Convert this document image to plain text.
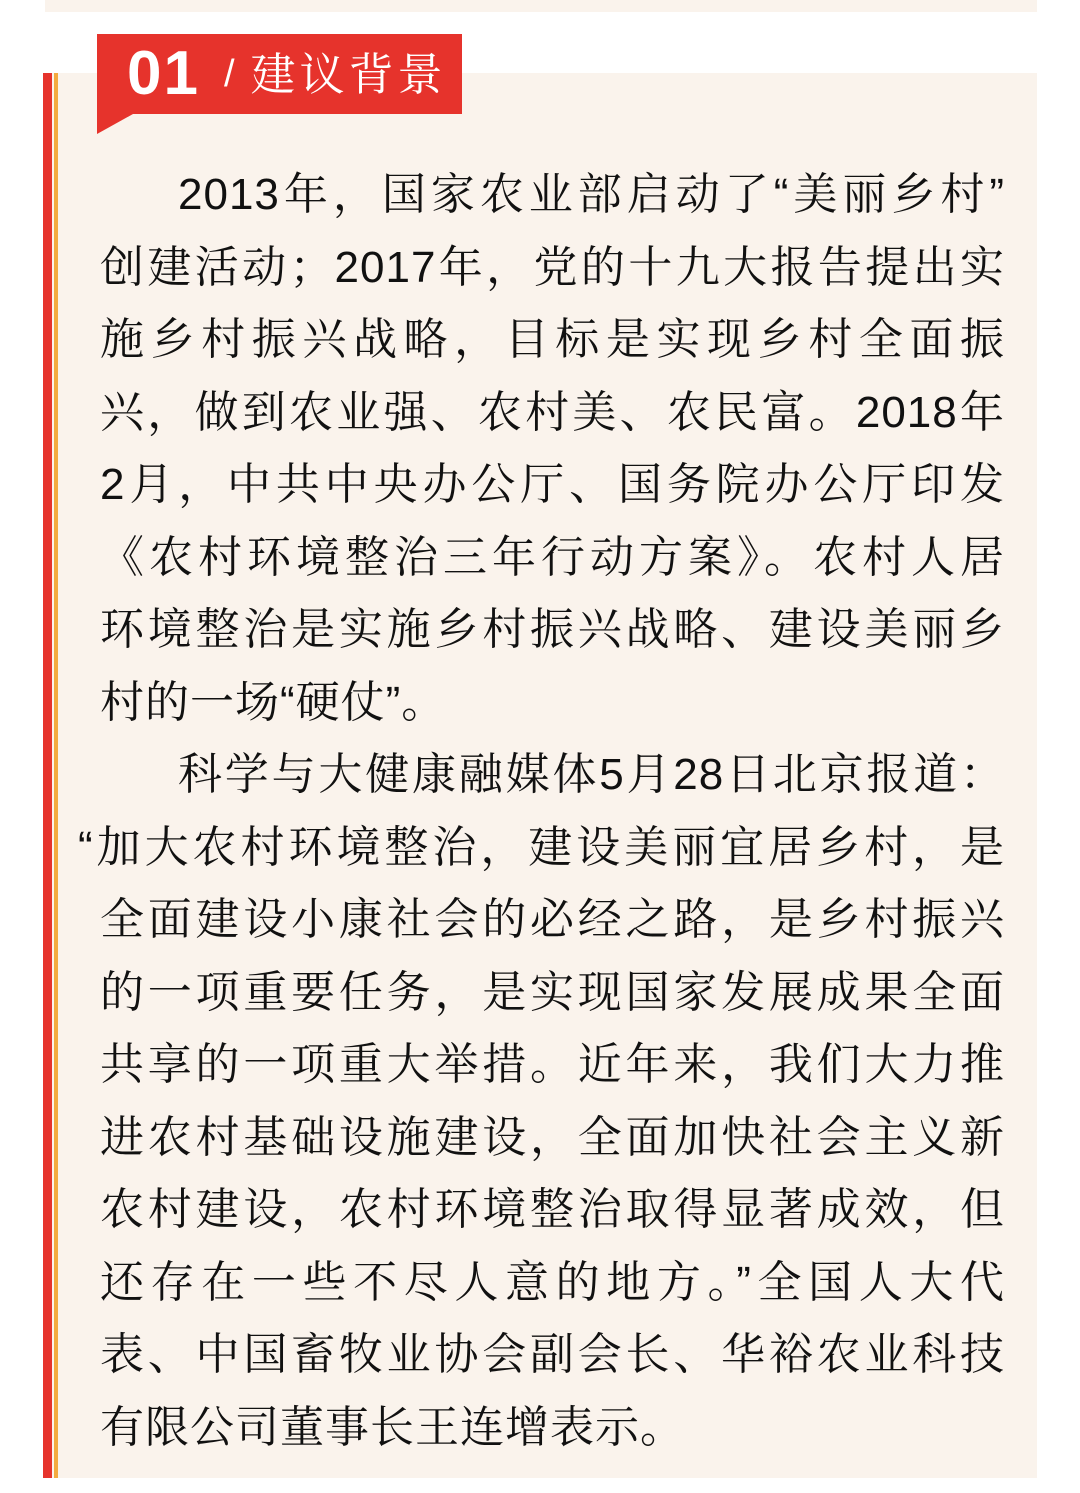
01 / 建议背景
2013年，国家农业部启动了“美丽乡村”
创建活动；2017年，党的十九大报告提出实
施乡村振兴战略，目标是实现乡村全面振
兴，做到农业强、农村美、农民富。2018年
2月，中共中央办公厅、国务院办公厅印发
《农村环境整治三年行动方案》。农村人居
环境整治是实施乡村振兴战略、建设美丽乡
村的一场“硬仗”。
科学与大健康融媒体5月28日北京报道：
“加大农村环境整治，建设美丽宜居乡村，是
全面建设小康社会的必经之路，是乡村振兴
的一项重要任务，是实现国家发展成果全面
共享的一项重大举措。近年来，我们大力推
进农村基础设施建设，全面加快社会主义新
农村建设，农村环境整治取得显著成效，但
还存在一些不尽人意的地方。”全国人大代
表、中国畜牧业协会副会长、华裕农业科技
有限公司董事长王连增表示。
